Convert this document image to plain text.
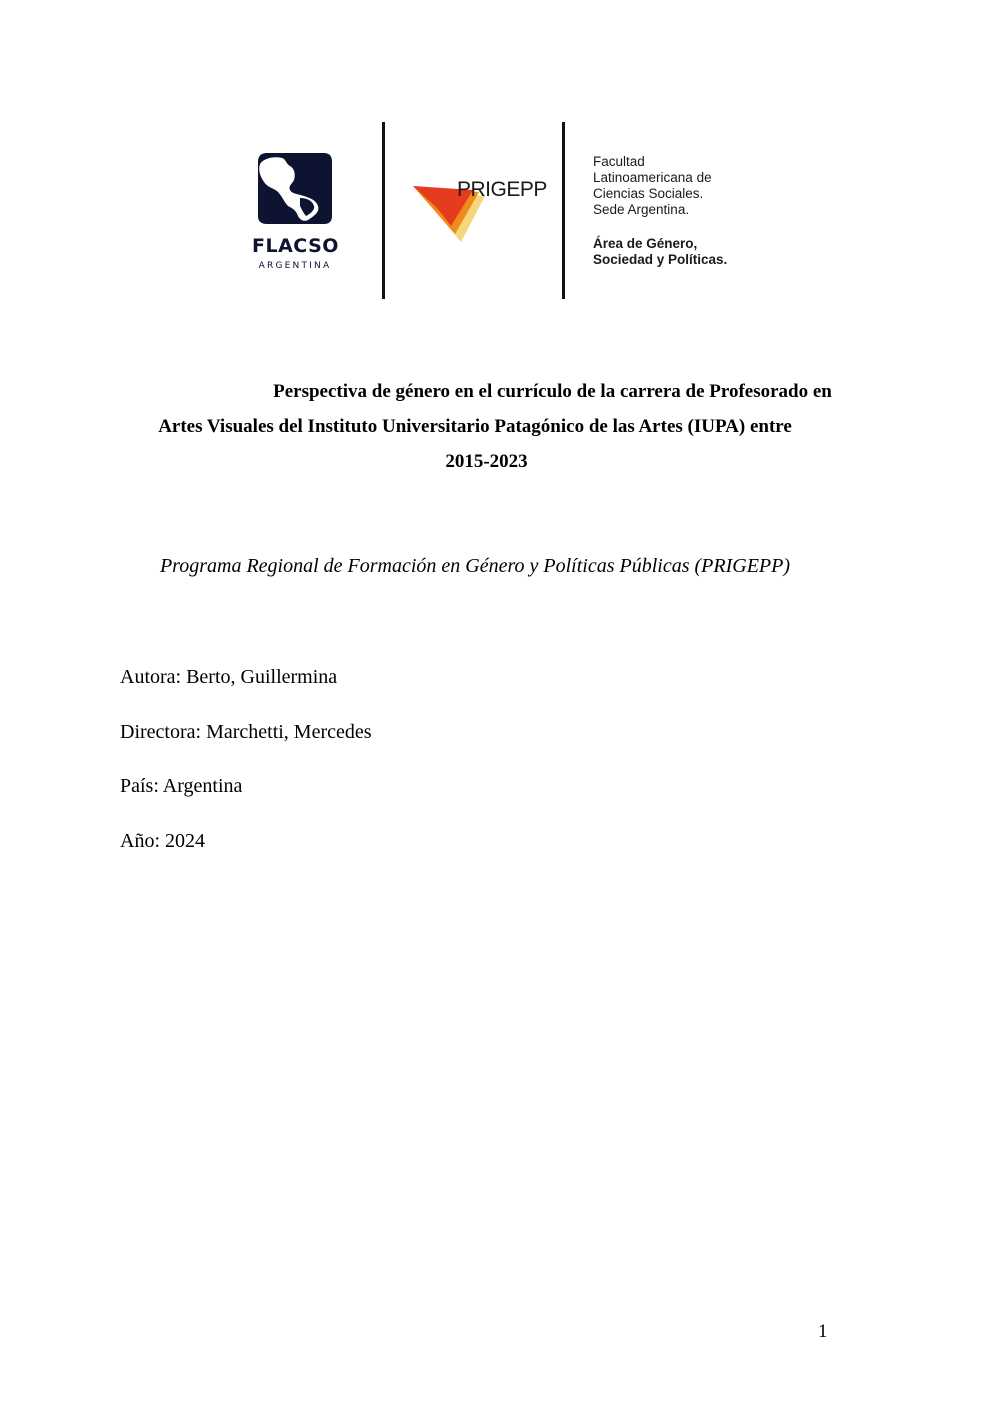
FLACSO
ARGENTINA
PRIGEPP
Facultad
Latinoamericana de
Ciencias Sociales.
Sede Argentina.
Área de Género,
Sociedad y Políticas.
Perspectiva de género en el currículo de la carrera de Profesorado en
Artes Visuales del Instituto Universitario Patagónico de las Artes (IUPA) entre
2015-2023
Programa Regional de Formación en Género y Políticas Públicas (PRIGEPP)
Autora: Berto, Guillermina
Directora: Marchetti, Mercedes
País: Argentina
Año: 2024
1
